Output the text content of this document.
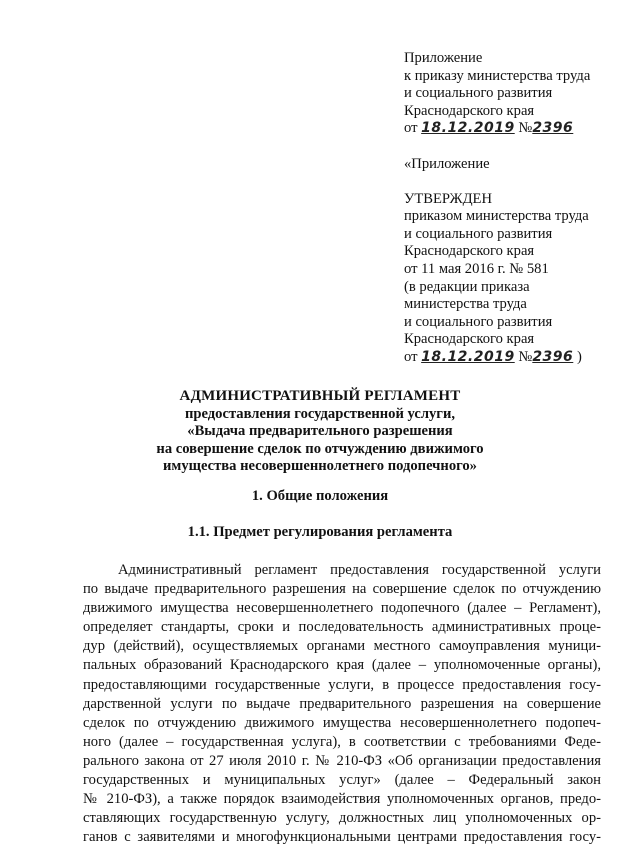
Приложение
к приказу министерства труда
и социального развития
Краснодарского края
от 18.12.2019 №2396
«Приложение
УТВЕРЖДЕН
приказом министерства труда
и социального развития
Краснодарского края
от 11 мая 2016 г. № 581
(в редакции приказа
министерства труда
и социального развития
Краснодарского края
от 18.12.2019 №2396 )
АДМИНИСТРАТИВНЫЙ РЕГЛАМЕНТ
предоставления государственной услуги,
«Выдача предварительного разрешения
на совершение сделок по отчуждению движимого
имущества несовершеннолетнего подопечного»
1. Общие положения
1.1. Предмет регулирования регламента
Административный регламент предоставления государственной услуги
по выдаче предварительного разрешения на совершение сделок по отчуждению
движимого имущества несовершеннолетнего подопечного (далее – Регламент),
определяет стандарты, сроки и последовательность административных проце-
дур (действий), осуществляемых органами местного самоуправления муници-
пальных образований Краснодарского края (далее – уполномоченные органы),
предоставляющими государственные услуги, в процессе предоставления госу-
дарственной услуги по выдаче предварительного разрешения на совершение
сделок по отчуждению движимого имущества несовершеннолетнего подопеч-
ного (далее – государственная услуга), в соответствии с требованиями Феде-
рального закона от 27 июля 2010 г. № 210-ФЗ «Об организации предоставления
государственных и муниципальных услуг» (далее – Федеральный закон
№ 210-ФЗ), а также порядок взаимодействия уполномоченных органов, предо-
ставляющих государственную услугу, должностных лиц уполномоченных ор-
ганов с заявителями и многофункциональными центрами предоставления госу-
